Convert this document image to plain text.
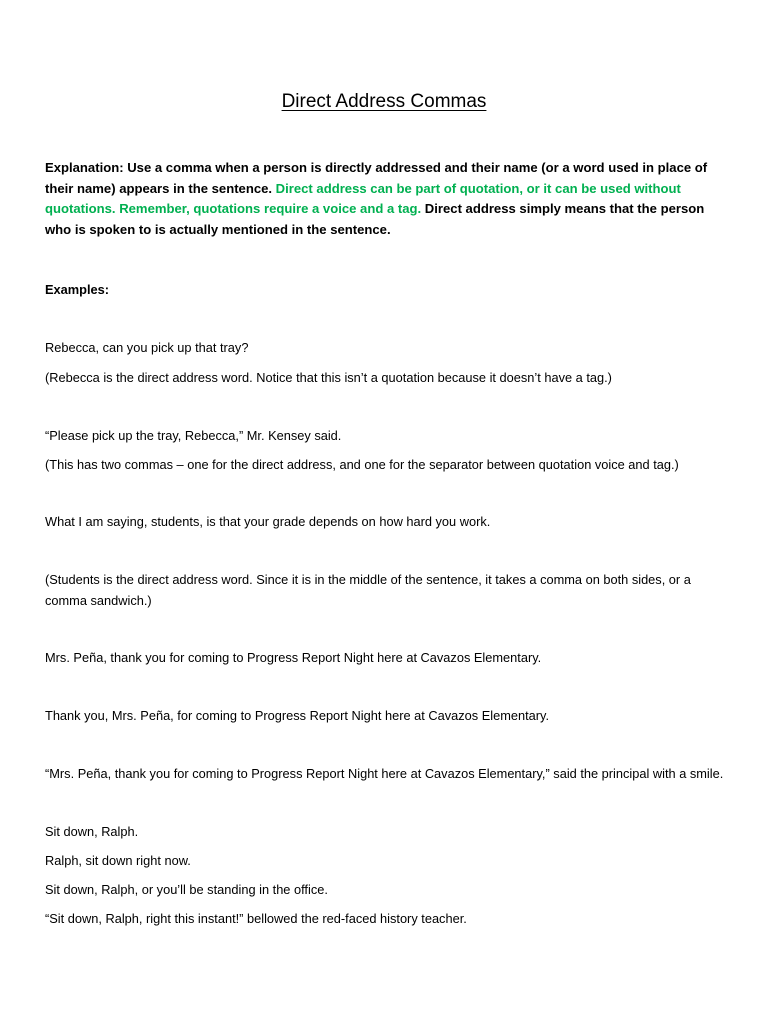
Direct Address Commas
Explanation: Use a comma when a person is directly addressed and their name (or a word used in place of their name) appears in the sentence. Direct address can be part of quotation, or it can be used without quotations. Remember, quotations require a voice and a tag. Direct address simply means that the person who is spoken to is actually mentioned in the sentence.
Examples:
Rebecca, can you pick up that tray?
(Rebecca is the direct address word. Notice that this isn’t a quotation because it doesn’t have a tag.)
“Please pick up the tray, Rebecca,” Mr. Kensey said.
(This has two commas – one for the direct address, and one for the separator between quotation voice and tag.)
What I am saying, students, is that your grade depends on how hard you work.
(Students is the direct address word. Since it is in the middle of the sentence, it takes a comma on both sides, or a comma sandwich.)
Mrs. Peña, thank you for coming to Progress Report Night here at Cavazos Elementary.
Thank you, Mrs. Peña, for coming to Progress Report Night here at Cavazos Elementary.
“Mrs. Peña, thank you for coming to Progress Report Night here at Cavazos Elementary,” said the principal with a smile.
Sit down, Ralph.
Ralph, sit down right now.
Sit down, Ralph, or you’ll be standing in the office.
“Sit down, Ralph, right this instant!” bellowed the red-faced history teacher.
